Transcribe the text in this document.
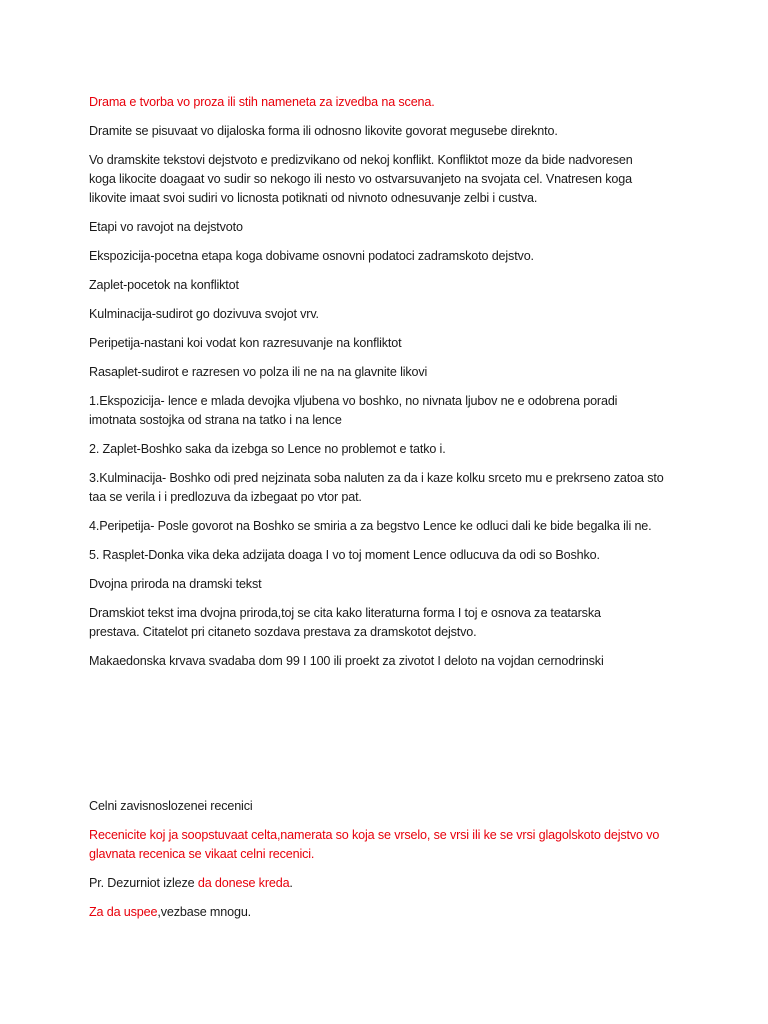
Drama e tvorba vo proza ili stih nameneta za izvedba na scena.

Dramite se pisuvaat vo dijaloska forma ili odnosno likovite govorat megusebe direknto.

Vo dramskite tekstovi dejstvoto e predizvikano od nekoj konflikt. Konfliktot moze da bide nadvoresen

koga likocite doagaat vo sudir so nekogo ili nesto vo ostvarsuvanjeto na svojata cel. Vnatresen koga

likovite imaat svoi sudiri vo licnosta potiknati od nivnoto odnesuvanje zelbi i custva.

Etapi vo ravojot na dejstvoto

Ekspozicija-pocetna etapa koga dobivame osnovni podatoci zadramskoto dejstvo.

Zaplet-pocetok na konfliktot

Kulminacija-sudirot go dozivuva svojot vrv.

Peripetija-nastani koi vodat kon razresuvanje na konfliktot

Rasaplet-sudirot e razresen vo polza ili ne na na glavnite likovi

1.Ekspozicija- lence e mlada devojka vljubena vo boshko, no nivnata ljubov ne e odobrena poradi

imotnata sostojka od strana na tatko i na lence

2. Zaplet-Boshko saka da izebga so Lence no problemot e tatko i.

3.Kulminacija- Boshko odi pred nejzinata soba naluten za da i kaze kolku srceto mu e prekrseno zatoa sto

taa se verila i i predlozuva da izbegaat po vtor pat.

4.Peripetija- Posle govorot na Boshko se smiria a za begstvo Lence ke odluci dali ke bide begalka ili ne.

5. Rasplet-Donka vika deka adzijata doaga I vo toj moment Lence odlucuva da odi so Boshko.

Dvojna priroda na dramski tekst

Dramskiot tekst ima dvojna priroda,toj se cita kako literaturna forma I toj e osnova za teatarska

prestava. Citatelot pri citaneto sozdava prestava za dramskotot dejstvo.

Makaedonska krvava svadaba dom 99 I 100 ili proekt za zivotot I deloto na vojdan cernodrinski

Celni zavisnoslozenei recenici

Recenicite koj ja soopstuvaat celta,namerata so koja se vrselo, se vrsi ili ke se vrsi glagolskoto dejstvo vo

glavnata recenica se vikaat celni recenici.

Pr. Dezurniot izleze da donese kreda.

Za da uspee,vezbase mnogu.
